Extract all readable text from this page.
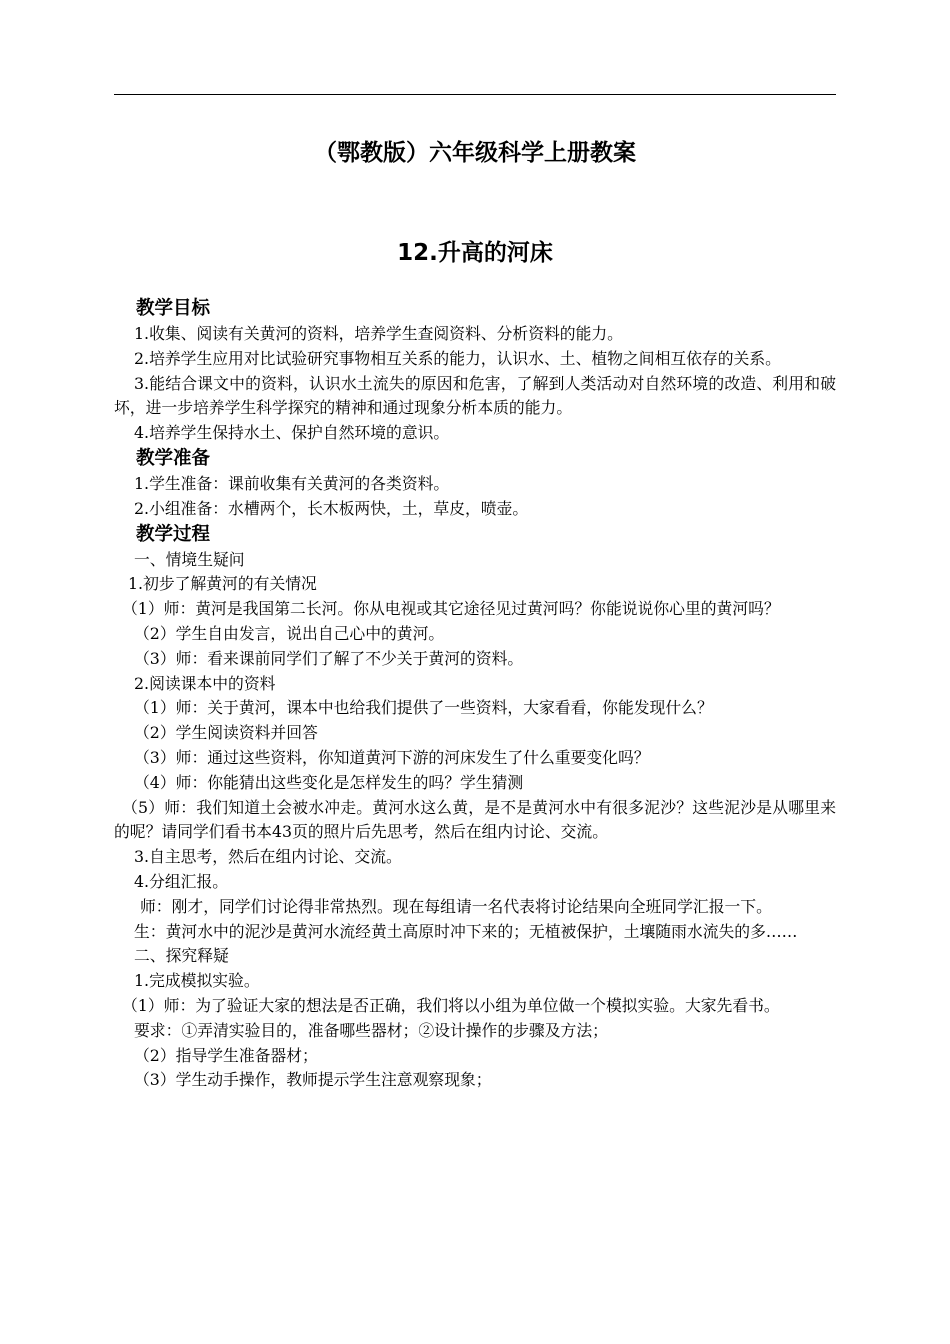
（鄂教版）六年级科学上册教案
12.升高的河床
教学目标

1.收集、阅读有关黄河的资料，培养学生查阅资料、分析资料的能力。

2.培养学生应用对比试验研究事物相互关系的能力，认识水、土、植物之间相互依存的关系。

3.能结合课文中的资料，认识水土流失的原因和危害，了解到人类活动对自然环境的改造、利用和破坏，进一步培养学生科学探究的精神和通过现象分析本质的能力。

4.培养学生保持水土、保护自然环境的意识。

教学准备

1.学生准备：课前收集有关黄河的各类资料。

2.小组准备：水槽两个，长木板两快，土，草皮，喷壶。

教学过程

一、情境生疑问

1.初步了解黄河的有关情况

（1）师：黄河是我国第二长河。你从电视或其它途径见过黄河吗？你能说说你心里的黄河吗？

（2）学生自由发言，说出自己心中的黄河。

（3）师：看来课前同学们了解了不少关于黄河的资料。

2.阅读课本中的资料

（1）师：关于黄河，课本中也给我们提供了一些资料，大家看看，你能发现什么？

（2）学生阅读资料并回答

（3）师：通过这些资料，你知道黄河下游的河床发生了什么重要变化吗？

（4）师：你能猜出这些变化是怎样发生的吗？学生猜测

（5）师：我们知道土会被水冲走。黄河水这么黄，是不是黄河水中有很多泥沙？这些泥沙是从哪里来的呢？请同学们看书本43页的照片后先思考，然后在组内讨论、交流。

3.自主思考，然后在组内讨论、交流。

4.分组汇报。

师：刚才，同学们讨论得非常热烈。现在每组请一名代表将讨论结果向全班同学汇报一下。

生：黄河水中的泥沙是黄河水流经黄土高原时冲下来的；无植被保护，土壤随雨水流失的多……

二、探究释疑

1.完成模拟实验。

（1）师：为了验证大家的想法是否正确，我们将以小组为单位做一个模拟实验。大家先看书。

要求：①弄清实验目的，准备哪些器材；②设计操作的步骤及方法；

（2）指导学生准备器材；

（3）学生动手操作，教师提示学生注意观察现象；
